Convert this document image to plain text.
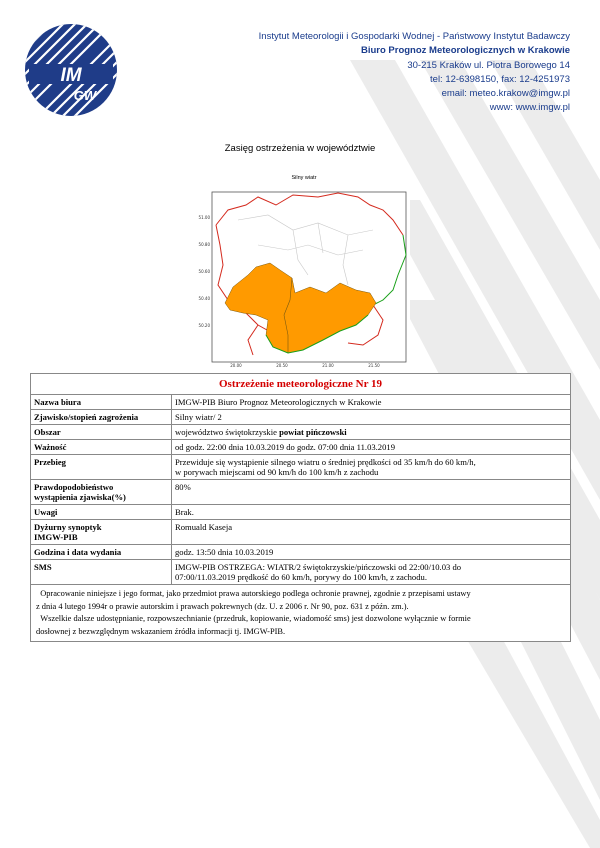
IM
GW
Instytut Meteorologii i Gospodarki Wodnej - Państwowy Instytut Badawczy
Biuro Prognoz Meteorologicznych w Krakowie
30-215 Kraków ul. Piotra Borowego 14
tel: 12-6398150, fax: 12-4251973
email: meteo.krakow@imgw.pl
www: www.imgw.pl
Zasięg ostrzeżenia w województwie
Silny wiatr
51.00
50.80
50.60
50.40
50.20
20.00	20.50	21.00	21.50
Ostrzeżenie meteorologiczne Nr 19	
Nazwa biura	IMGW-PIB Biuro Prognoz Meteorologicznych w Krakowie
Zjawisko/stopień zagrożenia	Silny wiatr/ 2
Obszar	województwo świętokrzyskie powiat pińczowski
Ważność	od godz. 22:00 dnia 10.03.2019 do godz. 07:00 dnia 11.03.2019
Przebieg	Przewiduje się wystąpienie silnego wiatru o średniej prędkości od 35 km/h do 60 km/h,
w porywach miejscami od 90 km/h do 100 km/h z zachodu

Prawdopodobieństwo
wystąpienia zjawiska(%)	80%
Uwagi	Brak.

Dyżurny synoptyk
IMGW-PIB	Romuald Kaseja
Godzina i data wydania	godz. 13:50 dnia 10.03.2019
SMS	IMGW-PIB OSTRZEGA: WIATR/2 świętokrzyskie/pińczowski od 22:00/10.03 do
07:00/11.03.2019 prędkość do 60 km/h, porywy do 100 km/h, z zachodu.

Opracowanie niniejsze i jego format, jako przedmiot prawa autorskiego podlega ochronie prawnej, zgodnie z przepisami ustawy

z dnia 4 lutego 1994r o prawie autorskim i prawach pokrewnych (dz. U. z 2006 r. Nr 90, poz. 631 z późn. zm.).

Wszelkie dalsze udostępnianie, rozpowszechnianie (przedruk, kopiowanie, wiadomość sms) jest dozwolone wyłącznie w formie

dosłownej z bezwzględnym wskazaniem źródła informacji tj. IMGW-PIB.	
